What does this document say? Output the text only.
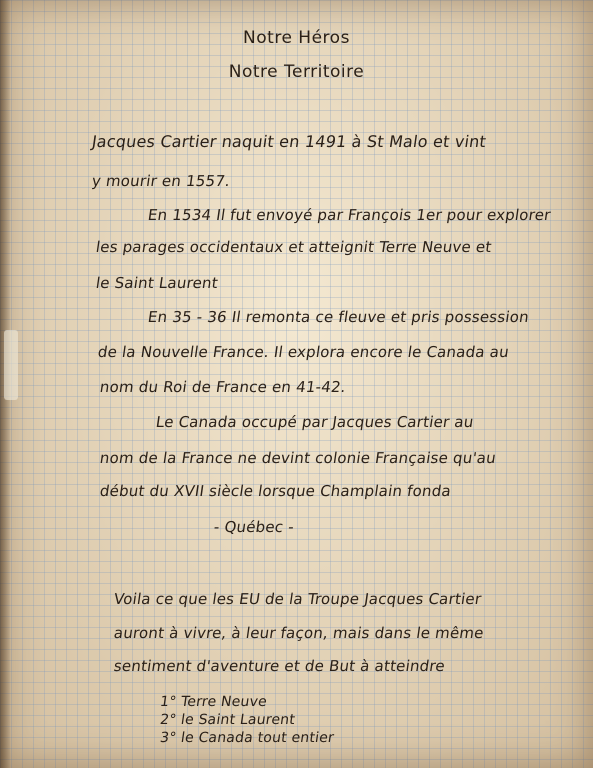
Notre Héros
Notre Territoire
Jacques Cartier naquit en 1491 à St Malo et vint
y mourir en 1557.
En 1534 Il fut envoyé par François 1er pour explorer
les parages occidentaux et atteignit Terre Neuve et
le Saint Laurent
En 35 - 36 Il remonta ce fleuve et pris possession
de la Nouvelle France. Il explora encore le Canada au
nom du Roi de France en 41-42.
Le Canada occupé par Jacques Cartier au
nom de la France ne devint colonie Française qu'au
début du XVII siècle lorsque Champlain fonda
- Québec -
Voila ce que les EU de la Troupe Jacques Cartier
auront à vivre, à leur façon, mais dans le même
sentiment d'aventure et de But à atteindre
1° Terre Neuve
2° le Saint Laurent
3° le Canada tout entier
